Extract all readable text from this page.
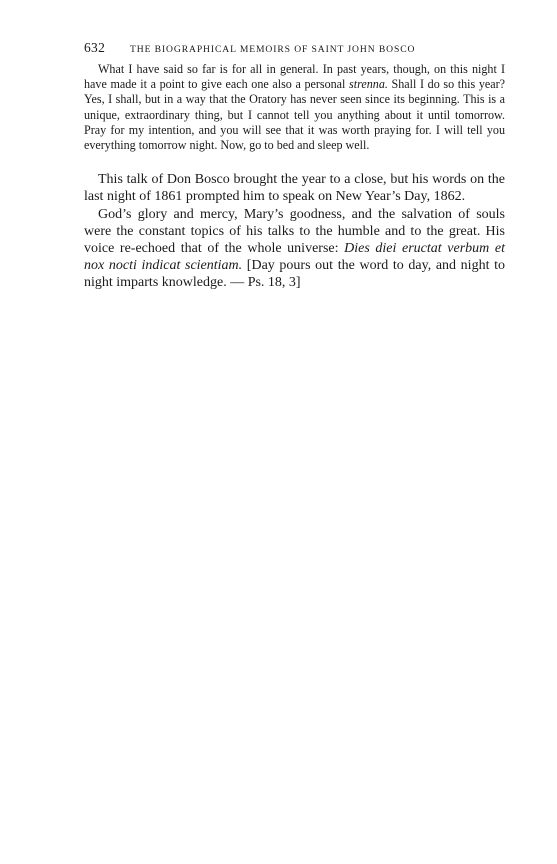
632	THE BIOGRAPHICAL MEMOIRS OF SAINT JOHN BOSCO

What I have said so far is for all in general. In past years, though, on this night I have made it a point to give each one also a personal strenna. Shall I do so this year? Yes, I shall, but in a way that the Oratory has never seen since its beginning. This is a unique, extraordinary thing, but I cannot tell you anything about it until tomorrow. Pray for my intention, and you will see that it was worth praying for. I will tell you everything tomorrow night. Now, go to bed and sleep well.

This talk of Don Bosco brought the year to a close, but his words on the last night of 1861 prompted him to speak on New Year’s Day, 1862.

God’s glory and mercy, Mary’s goodness, and the salvation of souls were the constant topics of his talks to the humble and to the great. His voice re-echoed that of the whole universe: Dies diei eructat verbum et nox nocti indicat scientiam. [Day pours out the word to day, and night to night imparts knowledge. — Ps. 18, 3]
